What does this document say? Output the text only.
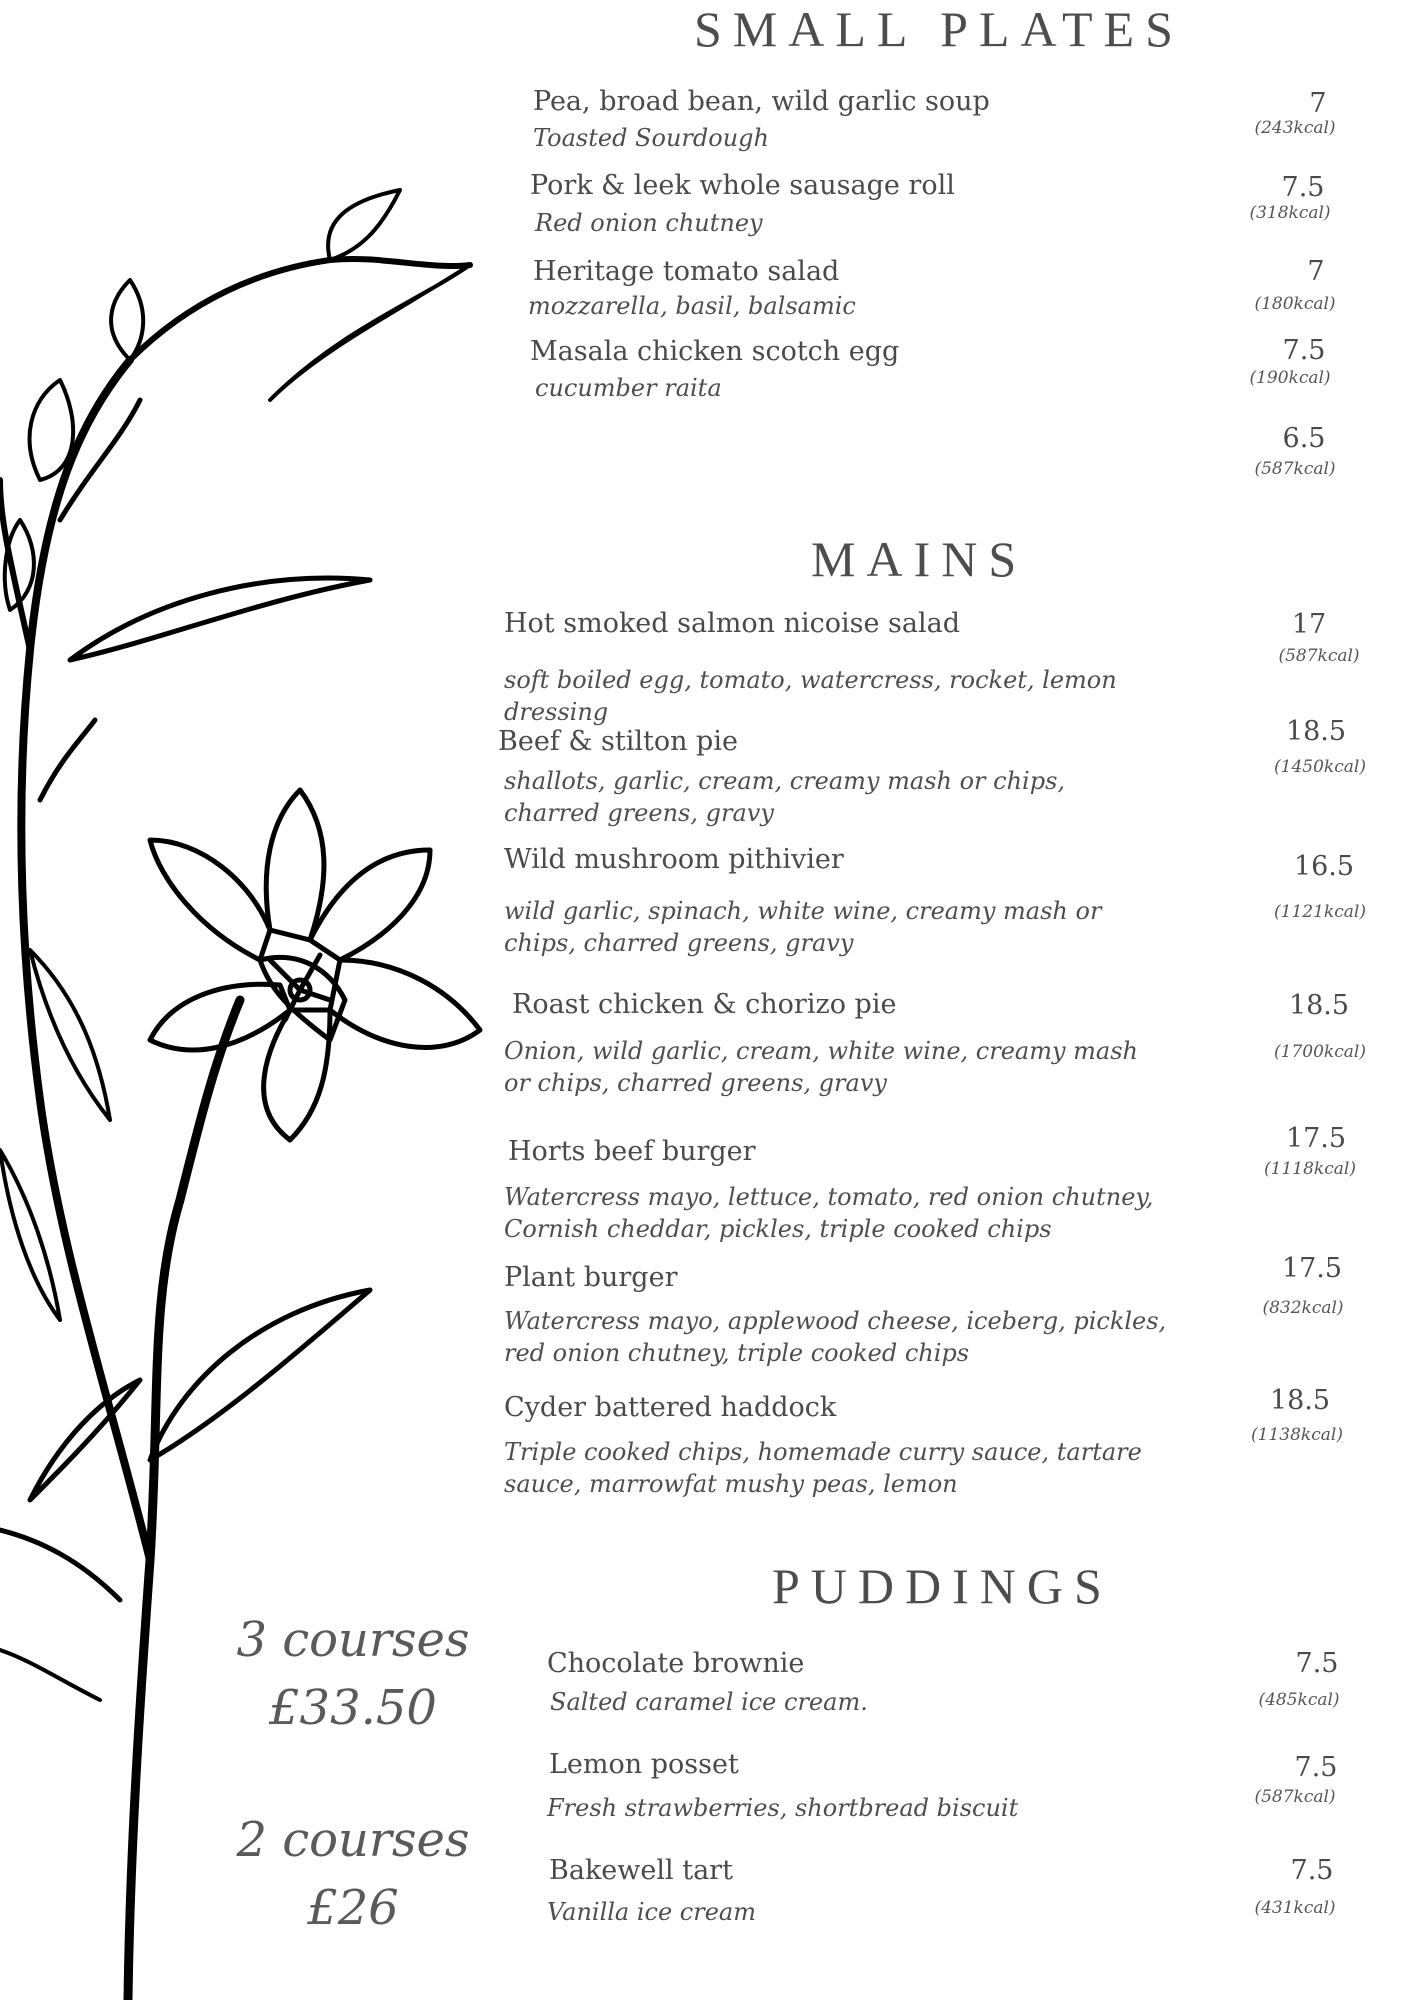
SMALL PLATES
Pea, broad bean, wild garlic soup
Toasted Sourdough
7
(243kcal)
Pork & leek whole sausage roll
Red onion chutney
7.5
(318kcal)
Heritage tomato salad
mozzarella, basil, balsamic
7
(180kcal)
Masala chicken scotch egg
cucumber raita
7.5
(190kcal)
6.5
(587kcal)
MAINS
Hot smoked salmon nicoise salad
soft boiled egg, tomato, watercress, rocket, lemon dressing
17
(587kcal)
Beef & stilton pie
shallots, garlic, cream, creamy mash or chips, charred greens, gravy
18.5
(1450kcal)
Wild mushroom pithivier
wild garlic, spinach, white wine, creamy mash or chips, charred greens, gravy
16.5
(1121kcal)
Roast chicken & chorizo pie
Onion, wild garlic, cream, white wine, creamy mash or chips, charred greens, gravy
18.5
(1700kcal)
Horts beef burger
Watercress mayo, lettuce, tomato, red onion chutney, Cornish cheddar, pickles, triple cooked chips
17.5
(1118kcal)
Plant burger
Watercress mayo, applewood cheese, iceberg, pickles, red onion chutney, triple cooked chips
17.5
(832kcal)
Cyder battered haddock
Triple cooked chips, homemade curry sauce, tartare sauce, marrowfat mushy peas, lemon
18.5
(1138kcal)
PUDDINGS
Chocolate brownie
Salted caramel ice cream.
7.5
(485kcal)
Lemon posset
Fresh strawberries, shortbread biscuit
7.5
(587kcal)
Bakewell tart
Vanilla ice cream
7.5
(431kcal)
3 courses
£33.50
2 courses
£26
